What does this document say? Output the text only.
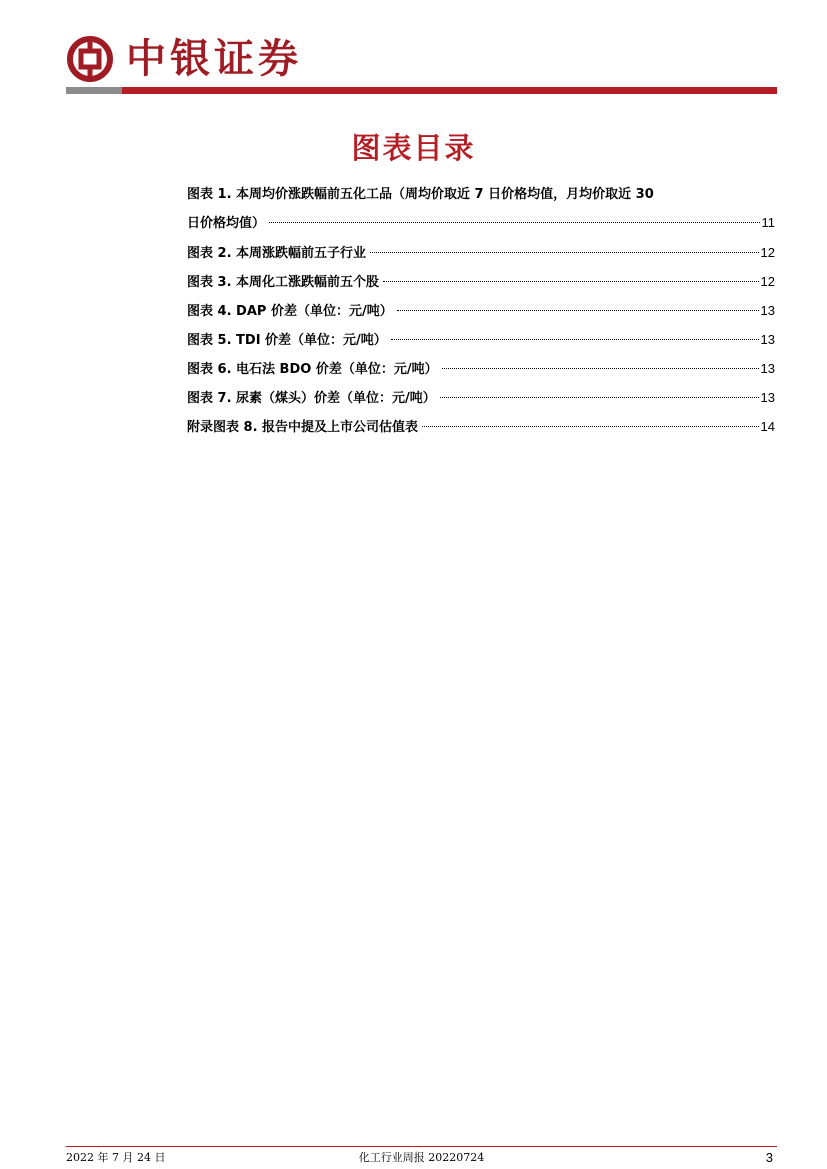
中银证券
图表目录
图表 1. 本周均价涨跌幅前五化工品（周均价取近 7 日价格均值，月均价取近 30
日价格均值）	11
图表 2. 本周涨跌幅前五子行业	12
图表 3. 本周化工涨跌幅前五个股	12
图表 4. DAP 价差（单位：元/吨）	13
图表 5. TDI 价差（单位：元/吨）	13
图表 6. 电石法 BDO 价差（单位：元/吨）	13
图表 7. 尿素（煤头）价差（单位：元/吨）	13
附录图表 8. 报告中提及上市公司估值表	14
2022 年 7 月 24 日	化工行业周报 20220724	3
